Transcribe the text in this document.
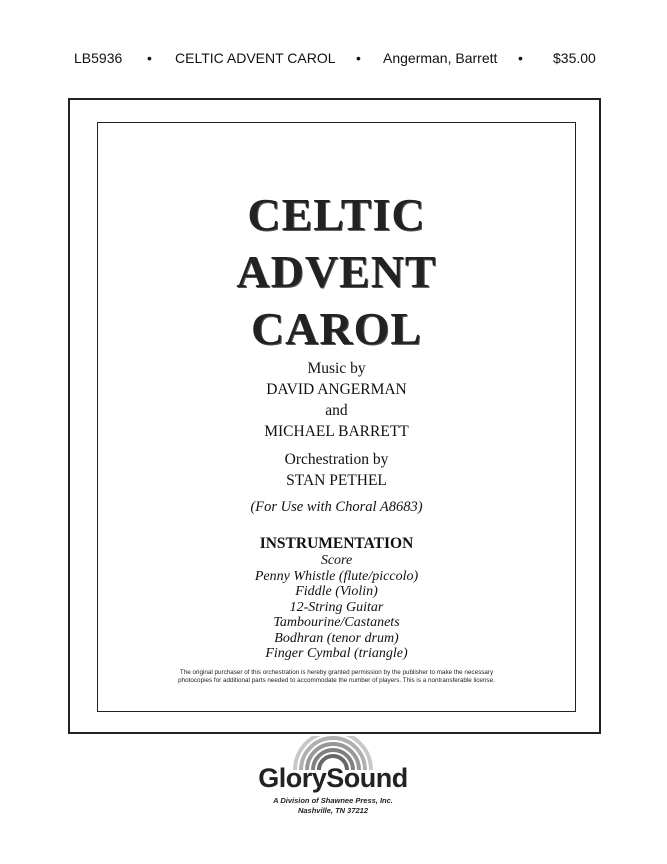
LB5936 • CELTIC ADVENT CAROL • Angerman, Barrett • $35.00
CELTIC
ADVENT
CAROL
Music by
DAVID ANGERMAN
and
MICHAEL BARRETT
Orchestration by
STAN PETHEL
(For Use with Choral A8683)
INSTRUMENTATION
Score
Penny Whistle (flute/piccolo)
Fiddle (Violin)
12-String Guitar
Tambourine/Castanets
Bodhran (tenor drum)
Finger Cymbal (triangle)
The original purchaser of this orchestration is hereby granted permission by the publisher to make the necessary
photocopies for additional parts needed to accommodate the number of players. This is a nontransferable license.
GlorySound
A Division of Shawnee Press, Inc.
Nashville, TN 37212
